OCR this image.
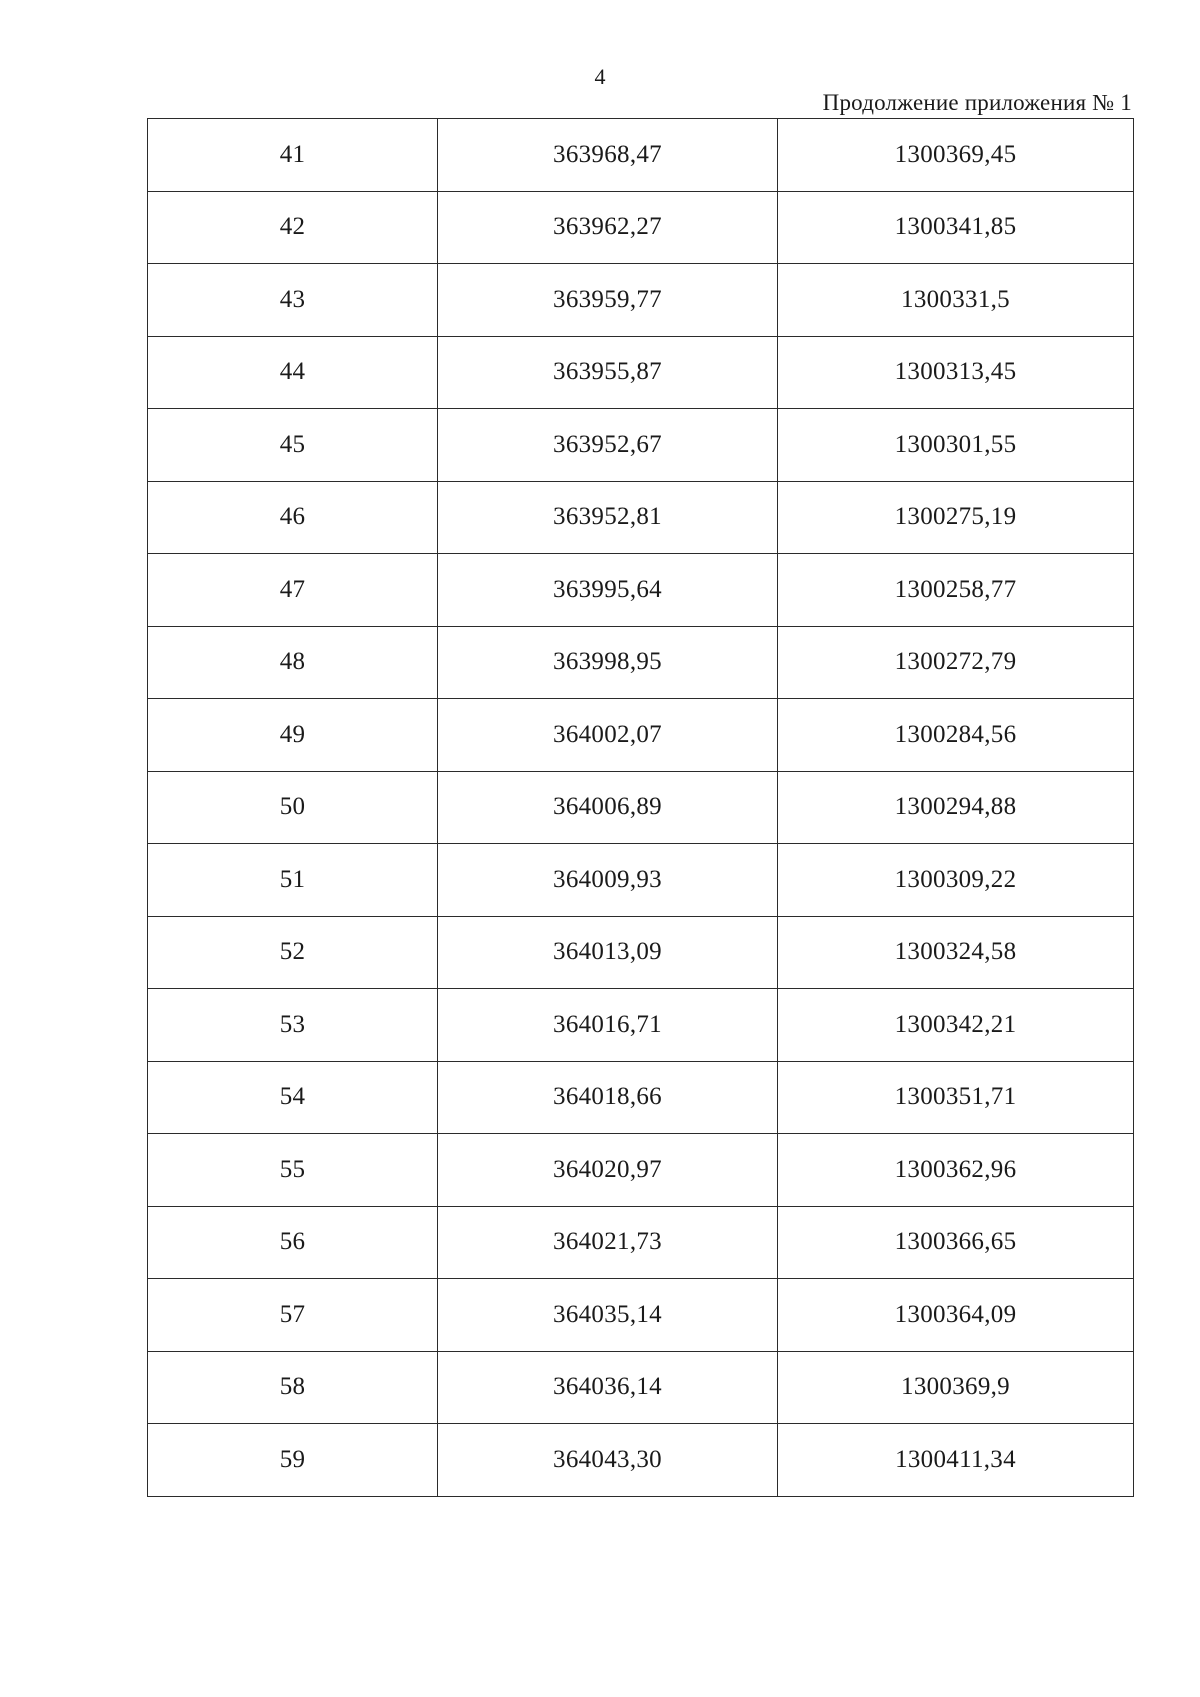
4
Продолжение приложения № 1
41	363968,47	1300369,45
42	363962,27	1300341,85
43	363959,77	1300331,5
44	363955,87	1300313,45
45	363952,67	1300301,55
46	363952,81	1300275,19
47	363995,64	1300258,77
48	363998,95	1300272,79
49	364002,07	1300284,56
50	364006,89	1300294,88
51	364009,93	1300309,22
52	364013,09	1300324,58
53	364016,71	1300342,21
54	364018,66	1300351,71
55	364020,97	1300362,96
56	364021,73	1300366,65
57	364035,14	1300364,09
58	364036,14	1300369,9
59	364043,30	1300411,34
